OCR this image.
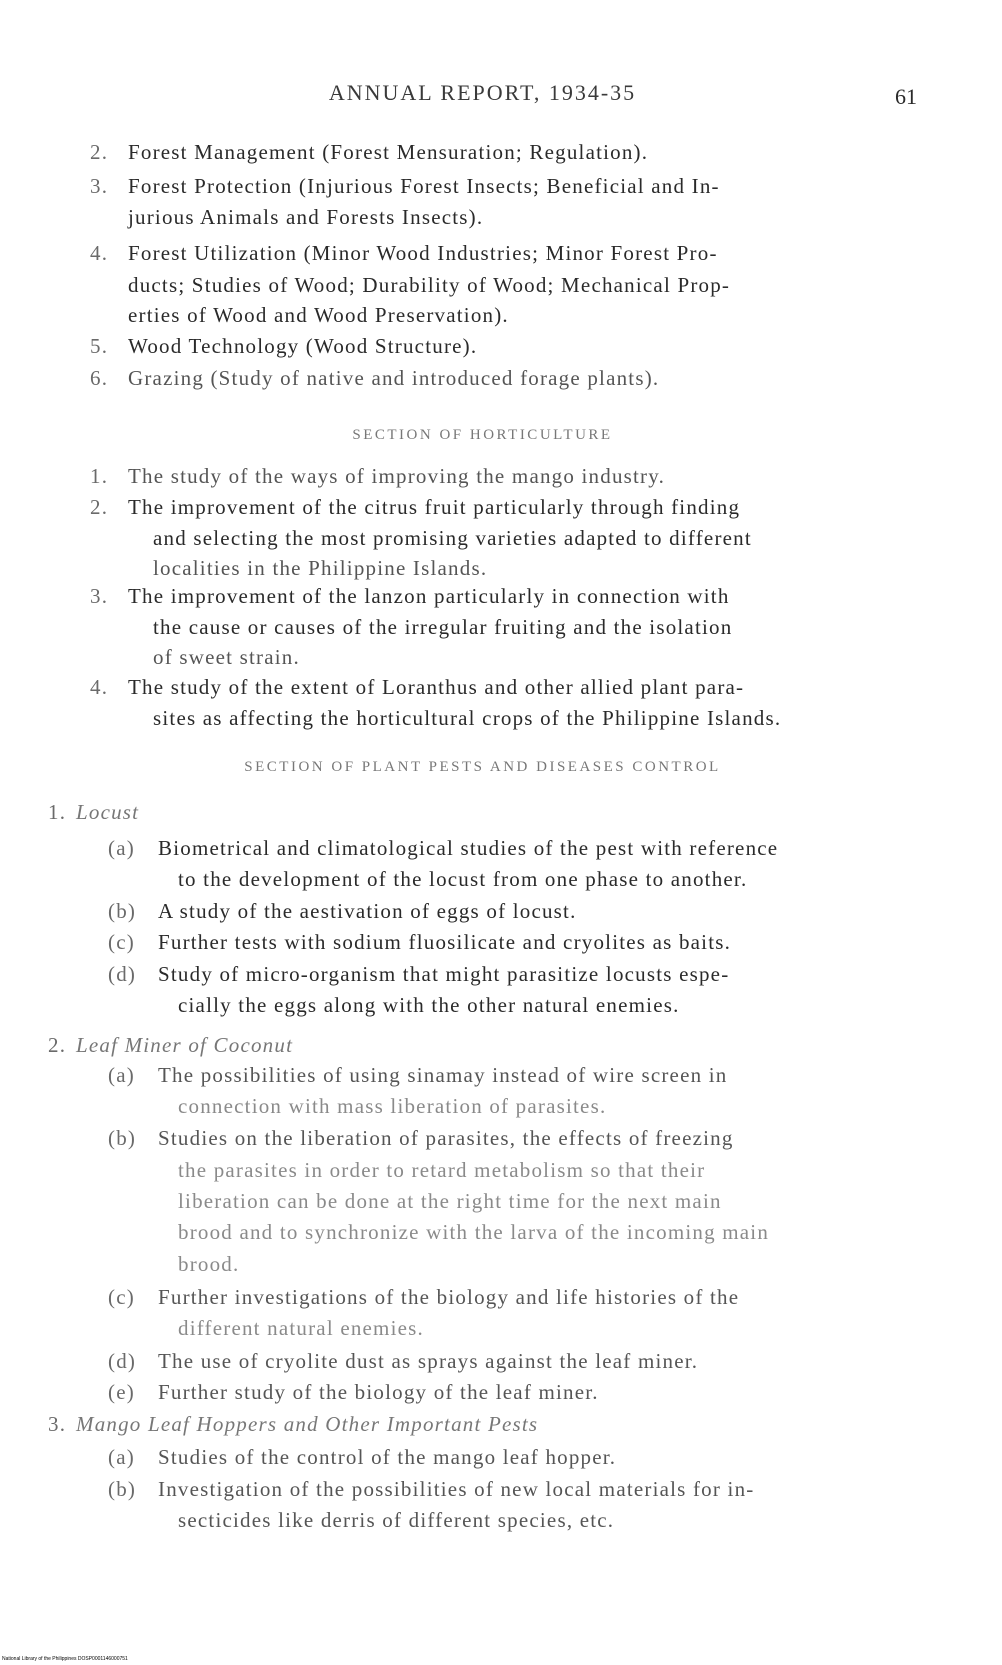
ANNUAL REPORT, 1934-35	61
2. Forest Management (Forest Mensuration; Regulation).
3. Forest Protection (Injurious Forest Insects; Beneficial and In-
jurious Animals and Forests Insects).
4. Forest Utilization (Minor Wood Industries; Minor Forest Pro-
ducts; Studies of Wood; Durability of Wood; Mechanical Prop-
erties of Wood and Wood Preservation).
5. Wood Technology (Wood Structure).
6. Grazing (Study of native and introduced forage plants).
SECTION OF HORTICULTURE
1. The study of the ways of improving the mango industry.
2. The improvement of the citrus fruit particularly through finding
and selecting the most promising varieties adapted to different
localities in the Philippine Islands.
3. The improvement of the lanzon particularly in connection with
the cause or causes of the irregular fruiting and the isolation
of sweet strain.
4. The study of the extent of Loranthus and other allied plant para-
sites as affecting the horticultural crops of the Philippine Islands.
SECTION OF PLANT PESTS AND DISEASES CONTROL
1. Locust
(a) Biometrical and climatological studies of the pest with reference
to the development of the locust from one phase to another.
(b) A study of the aestivation of eggs of locust.
(c) Further tests with sodium fluosilicate and cryolites as baits.
(d) Study of micro-organism that might parasitize locusts espe-
cially the eggs along with the other natural enemies.
2. Leaf Miner of Coconut
(a) The possibilities of using sinamay instead of wire screen in
connection with mass liberation of parasites.
(b) Studies on the liberation of parasites, the effects of freezing
the parasites in order to retard metabolism so that their
liberation can be done at the right time for the next main
brood and to synchronize with the larva of the incoming main
brood.
(c) Further investigations of the biology and life histories of the
different natural enemies.
(d) The use of cryolite dust as sprays against the leaf miner.
(e) Further study of the biology of the leaf miner.
3. Mango Leaf Hoppers and Other Important Pests
(a) Studies of the control of the mango leaf hopper.
(b) Investigation of the possibilities of new local materials for in-
secticides like derris of different species, etc.
National Library of the Philippines DOSP0001146000751
